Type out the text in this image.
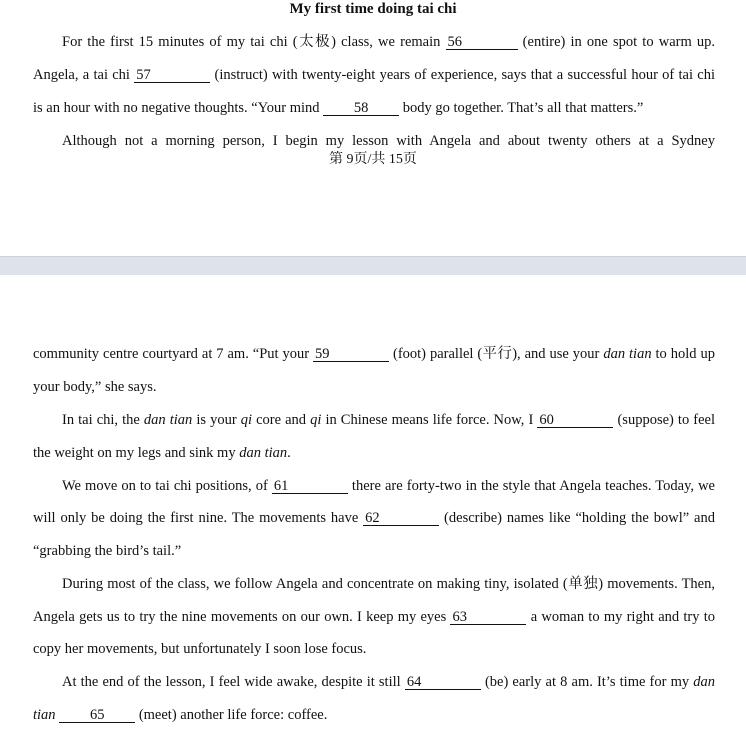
My first time doing tai chi
For the first 15 minutes of my tai chi (太极) class, we remain 56	(entire) in one spot to warm up.
Angela, a tai chi 57	(instruct) with twenty-eight years of experience, says that a successful hour of tai chi
is an hour with no negative thoughts. “Your mind 58 body go together. That’s all that matters.”
Although not a morning person, I begin my lesson with Angela and about twenty others at a Sydney
第 9页/共 15页
community centre courtyard at 7 am. “Put your 59	(foot) parallel (平行), and use your dan tian to hold up
your body,” she says.
In tai chi, the dan tian is your qi core and qi in Chinese means life force. Now, I 60	(suppose) to feel
the weight on my legs and sink my dan tian.
We move on to tai chi positions, of 61	there are forty-two in the style that Angela teaches. Today, we
will only be doing the first nine. The movements have 62	(describe) names like “holding the bowl” and
“grabbing the bird’s tail.”
During most of the class, we follow Angela and concentrate on making tiny, isolated (单独) movements. Then,
Angela gets us to try the nine movements on our own. I keep my eyes 63	a woman to my right and try to
copy her movements, but unfortunately I soon lose focus.
At the end of the lesson, I feel wide awake, despite it still 64	(be) early at 8 am. It’s time for my dan
tian 65 (meet) another life force: coffee.
